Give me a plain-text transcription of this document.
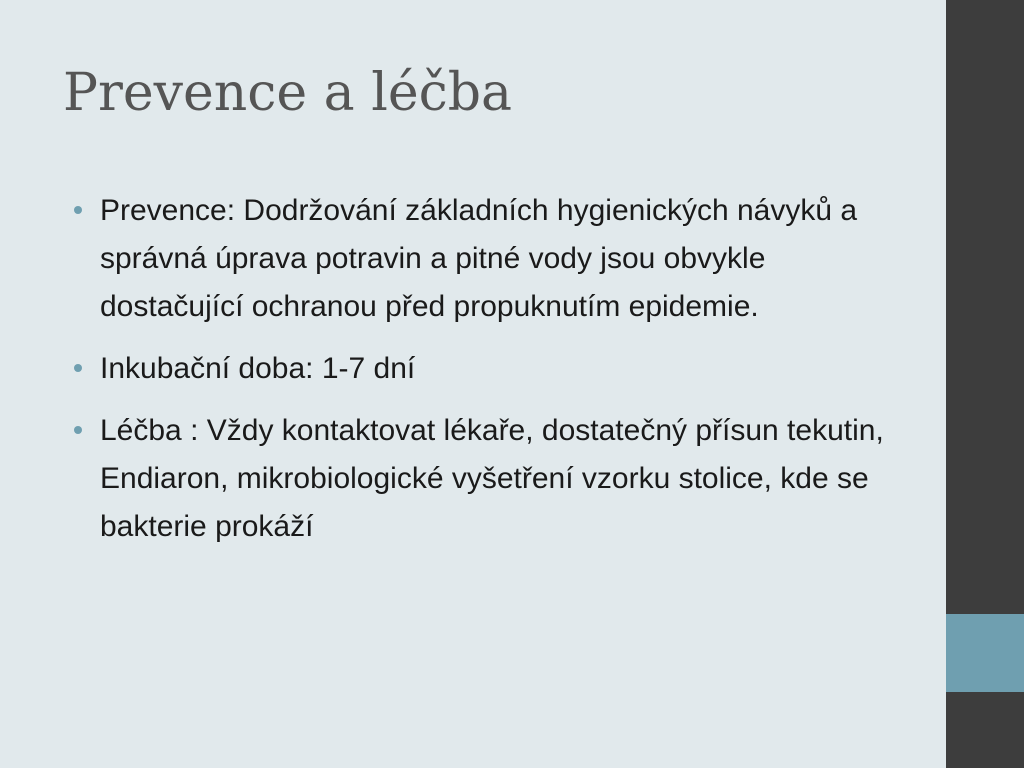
Prevence a léčba
Prevence: Dodržování základních hygienických návyků a správná úprava potravin a pitné vody jsou obvykle dostačující ochranou před propuknutím epidemie.
Inkubační doba: 1-7 dní
Léčba : Vždy kontaktovat lékaře, dostatečný přísun tekutin, Endiaron, mikrobiologické vyšetření vzorku stolice, kde se bakterie prokáží
